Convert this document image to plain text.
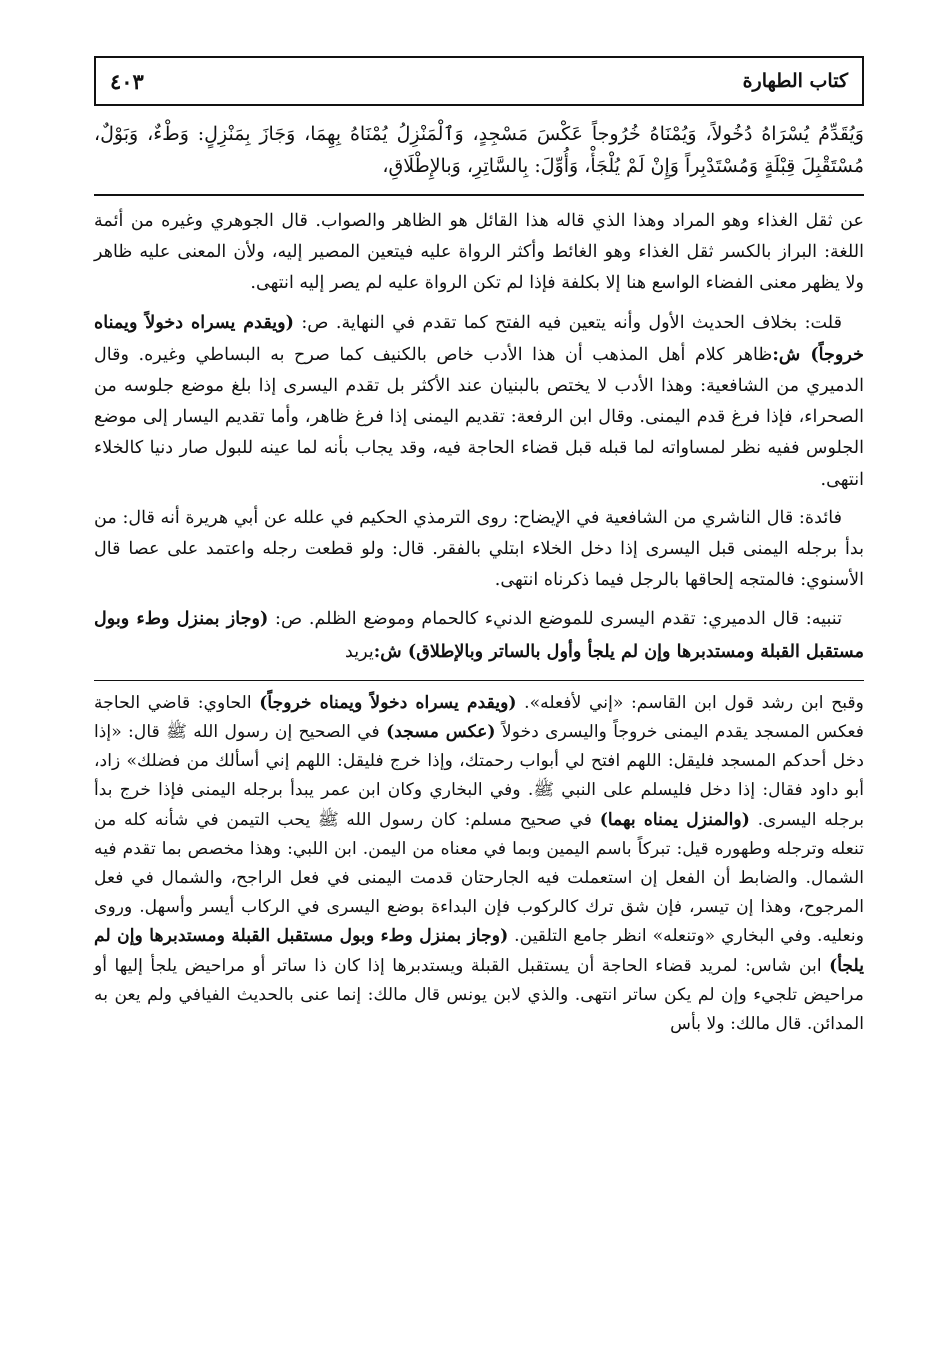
كتاب الطهارة
٤٠٣
وَيُقَدِّمُ يُسْرَاهُ دُخُولاً، وَيُمْنَاهُ خُرُوجاً عَكْسَ مَسْجِدٍ، وَٱلْمَنْزِلُ يُمْنَاهُ بِهِمَا، وَجَازَ بِمَنْزِلٍ: وَطْءٌ، وَبَوْلٌ، مُسْتَقْبِلَ قِبْلَةٍ وَمُسْتَدْبِراً وَإِنْ لَمْ يُلْجَأْ، وَأُوِّلَ: بِالسَّاتِرِ، وَبالإِطْلَاقِ،

عن ثقل الغذاء وهو المراد وهذا الذي قاله هذا القائل هو الظاهر والصواب. قال الجوهري وغيره من أئمة اللغة: البراز بالكسر ثقل الغذاء وهو الغائط وأكثر الرواة عليه فيتعين المصير إليه، ولأن المعنى عليه ظاهر ولا يظهر معنى الفضاء الواسع هنا إلا بكلفة فإذا لم تكن الرواة عليه لم يصر إليه انتهى.

قلت: بخلاف الحديث الأول وأنه يتعين فيه الفتح كما تقدم في النهاية. ص: (ويقدم يسراه دخولاً ويمناه خروجاً) ش:ظاهر كلام أهل المذهب أن هذا الأدب خاص بالكنيف كما صرح به البساطي وغيره. وقال الدميري من الشافعية: وهذا الأدب لا يختص بالبنيان عند الأكثر بل تقدم اليسرى إذا بلغ موضع جلوسه من الصحراء، فإذا فرغ قدم اليمنى. وقال ابن الرفعة: تقديم اليمنى إذا فرغ ظاهر، وأما تقديم اليسار إلى موضع الجلوس ففيه نظر لمساواته لما قبله قبل قضاء الحاجة فيه، وقد يجاب بأنه لما عينه للبول صار دنيا كالخلاء انتهى.

فائدة: قال الناشري من الشافعية في الإيضاح: روى الترمذي الحكيم في علله عن أبي هريرة أنه قال: من بدأ برجله اليمنى قبل اليسرى إذا دخل الخلاء ابتلي بالفقر. قال: ولو قطعت رجله واعتمد على عصا قال الأسنوي: فالمتجه إلحاقها بالرجل فيما ذكرناه انتهى.

تنبيه: قال الدميري: تقدم اليسرى للموضع الدنيء كالحمام وموضع الظلم. ص: (وجاز بمنزل وطء وبول مستقبل القبلة ومستدبرها وإن لم يلجأ وأول بالساتر وبالإطلاق) ش:يريد

وقبح ابن رشد قول ابن القاسم: «إني لأفعله». (ويقدم يسراه دخولاً ويمناه خروجاً) الحاوي: قاضي الحاجة فعكس المسجد يقدم اليمنى خروجاً واليسرى دخولاً (عكس مسجد) في الصحيح إن رسول الله ﷺ قال: «إذا دخل أحدكم المسجد فليقل: اللهم افتح لي أبواب رحمتك، وإذا خرج فليقل: اللهم إني أسألك من فضلك» زاد، أبو داود فقال: إذا دخل فليسلم على النبي ﷺ. وفي البخاري وكان ابن عمر يبدأ برجله اليمنى فإذا خرج بدأ برجله اليسرى. (والمنزل يمناه بهما) في صحيح مسلم: كان رسول الله ﷺ يحب التيمن في شأنه كله من تنعله وترجله وطهوره قيل: تبركاً باسم اليمين وبما في معناه من اليمن. ابن اللبي: وهذا مخصص بما تقدم فيه الشمال. والضابط أن الفعل إن استعملت فيه الجارحتان قدمت اليمنى في فعل الراجح، والشمال في فعل المرجوح، وهذا إن تيسر، فإن شق ترك كالركوب فإن البداءة بوضع اليسرى في الركاب أيسر وأسهل. وروى ونعليه. وفي البخاري «وتنعله» انظر جامع التلقين. (وجاز بمنزل وطء وبول مستقبل القبلة ومستدبرها وإن لم يلجأ) ابن شاس: لمريد قضاء الحاجة أن يستقبل القبلة ويستدبرها إذا كان ذا ساتر أو مراحيض يلجأ إليها أو مراحيض تلجيء وإن لم يكن ساتر انتهى. والذي لابن يونس قال مالك: إنما عنى بالحديث الفيافي ولم يعن به المدائن. قال مالك: ولا بأس
